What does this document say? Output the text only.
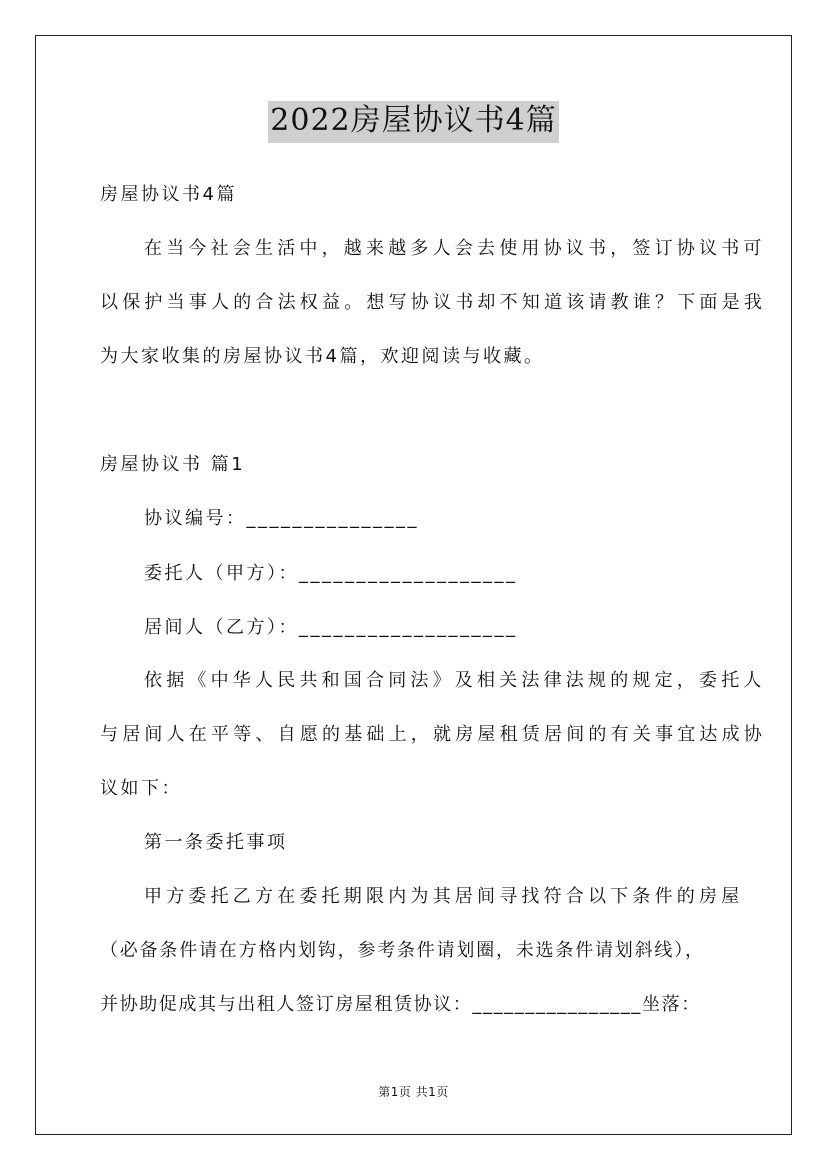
2022房屋协议书4篇
房屋协议书4篇
在当今社会生活中，越来越多人会去使用协议书，签订协议书可
以保护当事人的合法权益。想写协议书却不知道该请教谁？下面是我
为大家收集的房屋协议书4篇，欢迎阅读与收藏。
房屋协议书 篇1
协议编号：_______________
委托人（甲方）：___________________
居间人（乙方）：___________________
依据《中华人民共和国合同法》及相关法律法规的规定，委托人
与居间人在平等、自愿的基础上，就房屋租赁居间的有关事宜达成协
议如下：
第一条委托事项
甲方委托乙方在委托期限内为其居间寻找符合以下条件的房屋
（必备条件请在方格内划钩，参考条件请划圈，未选条件请划斜线），
并协助促成其与出租人签订房屋租赁协议：________________坐落：
第1页 共1页
